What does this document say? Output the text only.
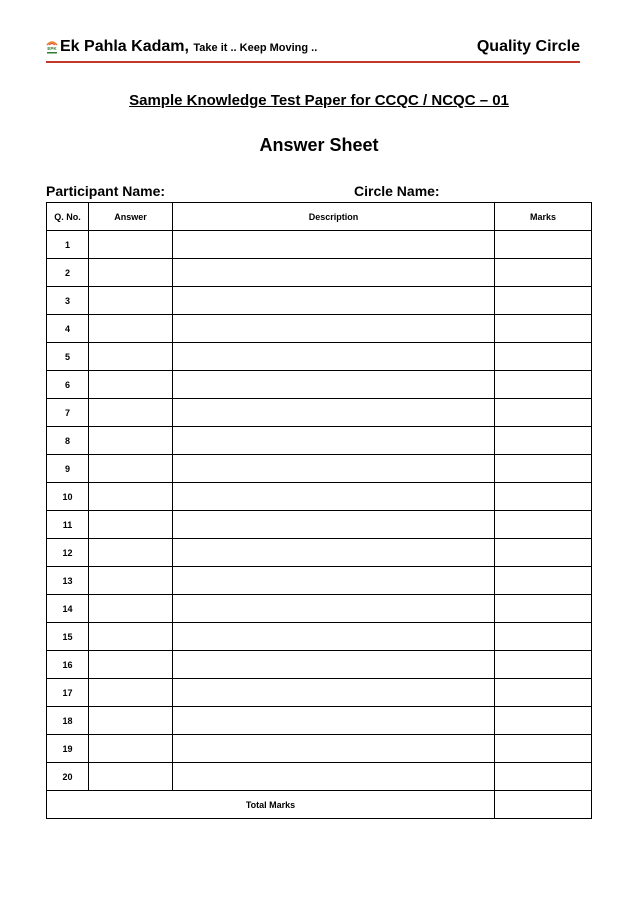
EPK Ek Pahla Kadam, Take it .. Keep Moving ..	Quality Circle
Sample Knowledge Test Paper for CCQC / NCQC – 01
Answer Sheet
Participant Name:	Circle Name:
Q. No.	Answer	Description	Marks
1			
2			
3			
4			
5			
6			
7			
8			
9			
10			
11			
12			
13			
14			
15			
16			
17			
18			
19			
20			
Total Marks			
